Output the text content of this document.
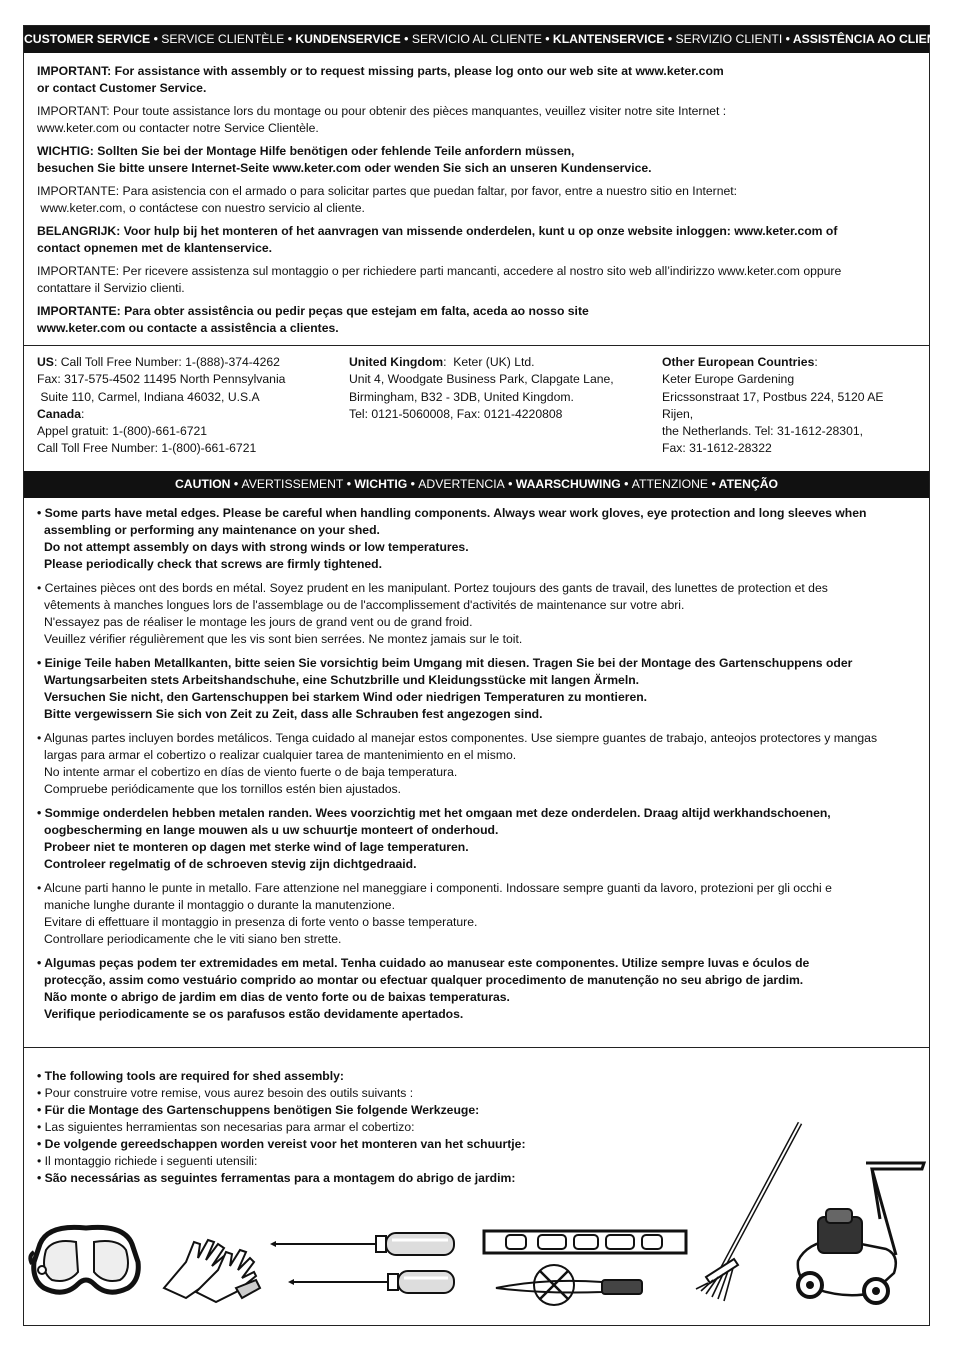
CUSTOMER SERVICE • SERVICE CLIENTÈLE • KUNDENSERVICE • SERVICIO AL CLIENTE • KLANTENSERVICE • SERVIZIO CLIENTI • ASSISTÊNCIA AO CLIENTE

IMPORTANT: For assistance with assembly or to request missing parts, please log onto our web site at www.keter.com
or contact Customer Service.

IMPORTANT: Pour toute assistance lors du montage ou pour obtenir des pièces manquantes, veuillez visiter notre site Internet :
www.keter.com ou contacter notre Service Clientèle.

WICHTIG: Sollten Sie bei der Montage Hilfe benötigen oder fehlende Teile anfordern müssen,
besuchen Sie bitte unsere Internet-Seite www.keter.com oder wenden Sie sich an unseren Kundenservice.

IMPORTANTE: Para asistencia con el armado o para solicitar partes que puedan faltar, por favor, entre a nuestro sitio en Internet:
www.keter.com, o contáctese con nuestro servicio al cliente.

BELANGRIJK: Voor hulp bij het monteren of het aanvragen van missende onderdelen, kunt u op onze website inloggen: www.keter.com of
contact opnemen met de klantenservice.

IMPORTANTE: Per ricevere assistenza sul montaggio o per richiedere parti mancanti, accedere al nostro sito web all’indirizzo www.keter.com oppure
contattare il Servizio clienti.

IMPORTANTE: Para obter assistência ou pedir peças que estejam em falta, aceda ao nosso site
www.keter.com ou contacte a assistência a clientes.

US: Call Toll Free Number: 1-(888)-374-4262
Fax: 317-575-4502 11495 North Pennsylvania
Suite 110, Carmel, Indiana 46032, U.S.A
Canada:
Appel gratuit: 1-(800)-661-6721
Call Toll Free Number: 1-(800)-661-6721
United Kingdom:  Keter (UK) Ltd.
Unit 4, Woodgate Business Park, Clapgate Lane,
Birmingham, B32 - 3DB, United Kingdom.
Tel: 0121-5060008, Fax: 0121-4220808
Other European Countries:
Keter Europe Gardening
Ericssonstraat 17, Postbus 224, 5120 AE Rijen,
the Netherlands. Tel: 31-1612-28301,
Fax: 31-1612-28322
CAUTION • AVERTISSEMENT • WICHTIG • ADVERTENCIA • WAARSCHUWING • ATTENZIONE • ATENÇÃO

• Some parts have metal edges. Please be careful when handling components. Always wear work gloves, eye protection and long sleeves when
assembling or performing any maintenance on your shed.
Do not attempt assembly on days with strong winds or low temperatures.
Please periodically check that screws are firmly tightened.

• Certaines pièces ont des bords en métal. Soyez prudent en les manipulant. Portez toujours des gants de travail, des lunettes de protection et des
vêtements à manches longues lors de l'assemblage ou de l'accomplissement d'activités de maintenance sur votre abri.
N'essayez pas de réaliser le montage les jours de grand vent ou de grand froid.
Veuillez vérifier régulièrement que les vis sont bien serrées. Ne montez jamais sur le toit.

• Einige Teile haben Metallkanten, bitte seien Sie vorsichtig beim Umgang mit diesen. Tragen Sie bei der Montage des Gartenschuppens oder
Wartungsarbeiten stets Arbeitshandschuhe, eine Schutzbrille und Kleidungsstücke mit langen Ärmeln.
Versuchen Sie nicht, den Gartenschuppen bei starkem Wind oder niedrigen Temperaturen zu montieren.
Bitte vergewissern Sie sich von Zeit zu Zeit, dass alle Schrauben fest angezogen sind.

• Algunas partes incluyen bordes metálicos. Tenga cuidado al manejar estos componentes. Use siempre guantes de trabajo, anteojos protectores y mangas
largas para armar el cobertizo o realizar cualquier tarea de mantenimiento en el mismo.
No intente armar el cobertizo en días de viento fuerte o de baja temperatura.
Compruebe periódicamente que los tornillos estén bien ajustados.

• Sommige onderdelen hebben metalen randen. Wees voorzichtig met het omgaan met deze onderdelen. Draag altijd werkhandschoenen,
oogbescherming en lange mouwen als u uw schuurtje monteert of onderhoud.
Probeer niet te monteren op dagen met sterke wind of lage temperaturen.
Controleer regelmatig of de schroeven stevig zijn dichtgedraaid.

• Alcune parti hanno le punte in metallo. Fare attenzione nel maneggiare i componenti. Indossare sempre guanti da lavoro, protezioni per gli occhi e
maniche lunghe durante il montaggio o durante la manutenzione.
Evitare di effettuare il montaggio in presenza di forte vento o basse temperature.
Controllare periodicamente che le viti siano ben strette.

• Algumas peças podem ter extremidades em metal. Tenha cuidado ao manusear este componentes. Utilize sempre luvas e óculos de
protecção, assim como vestuário comprido ao montar ou efectuar qualquer procedimento de manutenção no seu abrigo de jardim.
Não monte o abrigo de jardim em dias de vento forte ou de baixas temperaturas.
Verifique periodicamente se os parafusos estão devidamente apertados.

• The following tools are required for shed assembly:
• Pour construire votre remise, vous aurez besoin des outils suivants :
• Für die Montage des Gartenschuppens benötigen Sie folgende Werkzeuge:
• Las siguientes herramientas son necesarias para armar el cobertizo:
• De volgende gereedschappen worden vereist voor het monteren van het schuurtje:
• Il montaggio richiede i seguenti utensili:
• São necessárias as seguintes ferramentas para a montagem do abrigo de jardim:
